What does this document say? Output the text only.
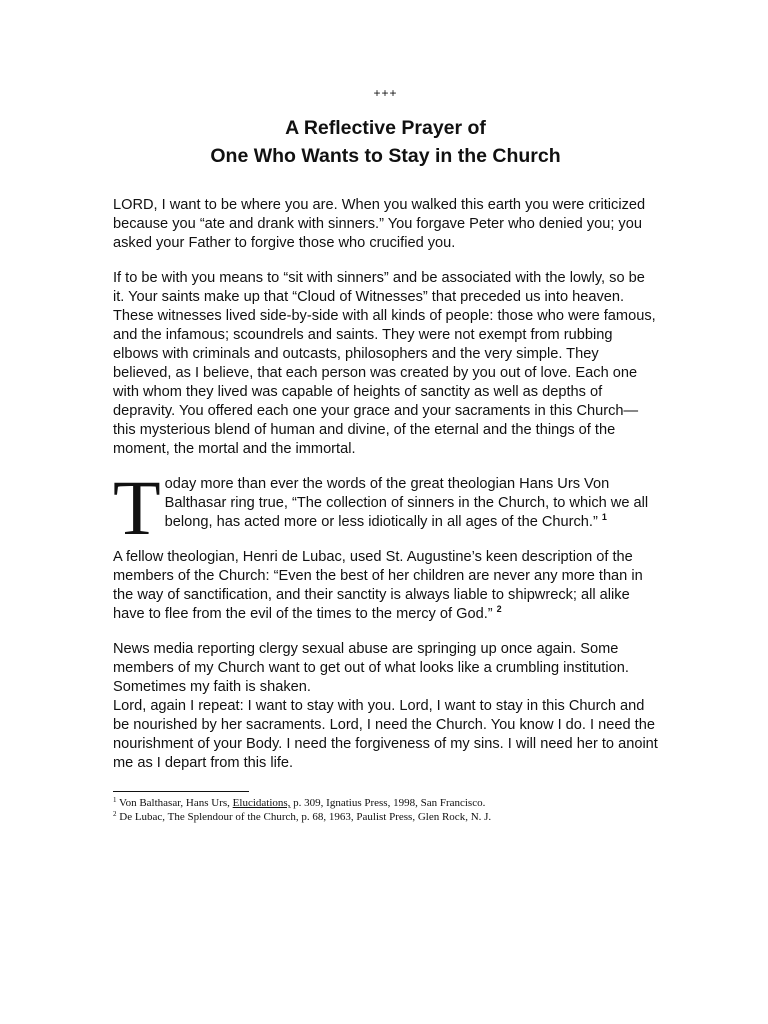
+++
A Reflective Prayer of
One Who Wants to Stay in the Church

LORD, I want to be where you are. When you walked this earth you were criticized because you “ate and drank with sinners.” You forgave Peter who denied you; you asked your Father to forgive those who crucified you.

If to be with you means to “sit with sinners” and be associated with the lowly, so be it. Your saints make up that “Cloud of Witnesses” that preceded us into heaven. These witnesses lived side-by-side with all kinds of people: those who were famous, and the infamous; scoundrels and saints. They were not exempt from rubbing elbows with criminals and outcasts, philosophers and the very simple. They believed, as I believe, that each person was created by you out of love. Each one with whom they lived was capable of heights of sanctity as well as depths of depravity. You offered each one your grace and your sacraments in this Church—this mysterious blend of human and divine, of the eternal and the things of the moment, the mortal and the immortal.

Today more than ever the words of the great theologian Hans Urs Von Balthasar ring true, “The collection of sinners in the Church, to which we all belong, has acted more or less idiotically in all ages of the Church.” $^1$

A fellow theologian, Henri de Lubac, used St. Augustine’s keen description of the members of the Church: “Even the best of her children are never any more than in the way of sanctification, and their sanctity is always liable to shipwreck; all alike have to flee from the evil of the times to the mercy of God.” $^2$

News media reporting clergy sexual abuse are springing up once again. Some members of my Church want to get out of what looks like a crumbling institution. Sometimes my faith is shaken.

Lord, again I repeat: I want to stay with you. Lord, I want to stay in this Church and be nourished by her sacraments. Lord, I need the Church. You know I do. I need the nourishment of your Body. I need the forgiveness of my sins. I will need her to anoint me as I depart from this life.

$^1$ Von Balthasar, Hans Urs, Elucidations, p. 309, Ignatius Press, 1998, San Francisco.
$^2$ De Lubac, The Splendour of the Church, p. 68, 1963, Paulist Press, Glen Rock, N. J.
